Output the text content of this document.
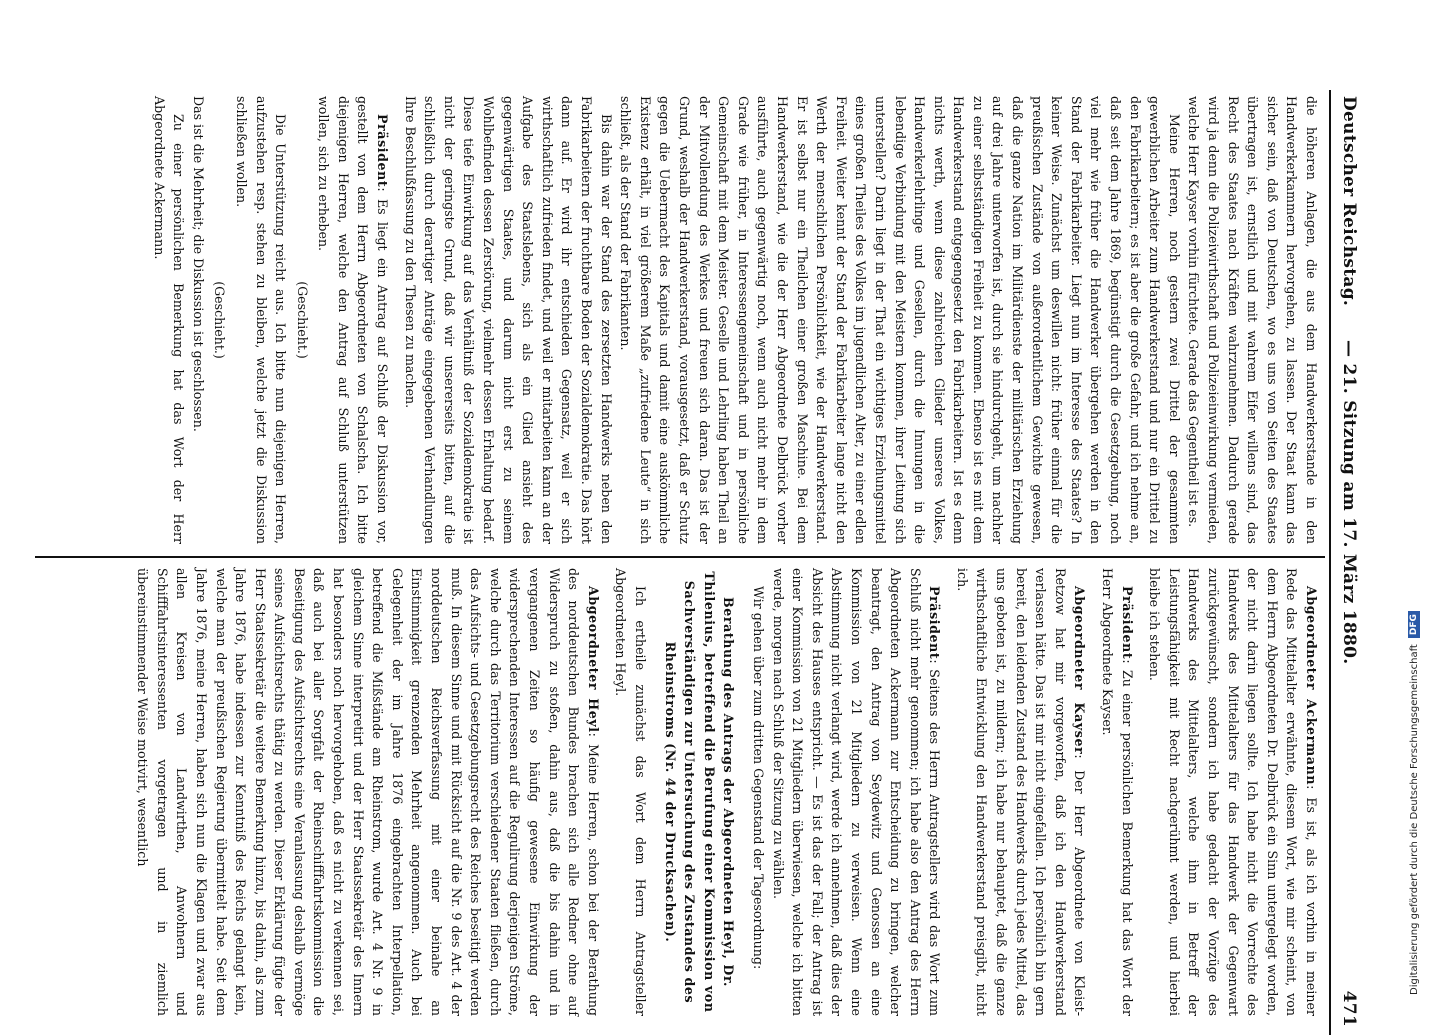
Deutscher Reichstag.
— 21. Sitzung am 17. März 1880.
471

die höheren Anlagen, die aus dem Handwerkerstande in den Handwerkerkammern hervorgehen, zu lassen. Der Staat kann das sicher sein, daß von Deutschen, wo es uns von Seiten des Staates übertragen ist, ernstlich und mit wahrem Eifer willens sind, das Recht des Staates nach Kräften wahrzunehmen. Dadurch gerade wird ja denn die Polizeiwirthschaft und Polizeieinwirkung vermieden, welche Herr Kayser vorhin fürchtete. Gerade das Gegentheil ist es.

Meine Herren, noch gestern zwei Drittel der gesammten gewerblichen Arbeiter zum Handwerkerstand und nur ein Drittel zu den Fabrikarbeitern; es ist aber die große Gefahr, und ich nehme an, daß seit dem Jahre 1869, begünstigt durch die Gesetzgebung, noch viel mehr wie früher die Handwerker übergehen werden in den Stand der Fabrikarbeiter. Liegt nun im Interesse des Staates? In keiner Weise. Zunächst um deswillen nicht: früher einmal für die preußischen Zustände von außerordentlichem Gewichte gewesen, daß die ganze Nation im Militärdienste der militärischen Erziehung auf drei Jahre unterworfen ist, durch sie hindurchgeht, um nachher zu einer selbstständigen Freiheit zu kommen. Ebenso ist es mit dem Handwerkerstand entgegengesetzt den Fabrikarbeitern. Ist es denn nichts werth, wenn diese zahlreichen Glieder unseres Volkes, Handwerkerlehrlinge und Gesellen, durch die Innungen in die lebendige Verbindung mit den Meistern kommen, ihrer Leitung sich unterstellen? Darin liegt in der That ein wichtiges Erziehungsmittel eines großen Theiles des Volkes im jugendlichen Alter, zu einer edlen Freiheit. Weiter kennt der Stand der Fabrikarbeiter lange nicht den Werth der menschlichen Persönlichkeit, wie der Handwerkerstand. Er ist selbst nur ein Theilchen einer großen Maschine. Bei dem Handwerkerstand, wie die der Herr Abgeordnete Delbrück vorher ausführte, auch gegenwärtig noch, wenn auch nicht mehr in dem Grade wie früher, in Interessengemeinschaft und in persönliche Gemeinschaft mit dem Meister. Geselle und Lehrling haben Theil an der Mitvollendung des Werkes und freuen sich daran. Das ist der Grund, weshalb der Handwerkerstand, vorausgesetzt, daß er Schutz gegen die Uebermacht des Kapitals und damit eine auskömmliche Existenz erhält, in viel größerem Maße „zufriedene Leute“ in sich schließt, als der Stand der Fabrikanten.

Bis dahin war der Stand des zersetzten Handwerks neben den Fabrikarbeitern der fruchtbare Boden der Sozialdemokratie. Das hört dann auf. Er wird ihr entschieden Gegensatz, weil er sich wirthschaftlich zufrieden findet, und weil er mitarbeiten kann an der Aufgabe des Staatslebens, sich als ein Glied ansieht des gegenwärtigen Staates, und darum nicht erst zu seinem Wohlbefinden dessen Zerstörung, vielmehr dessen Erhaltung bedarf. Diese tiefe Einwirkung auf das Verhältniß der Sozialdemokratie ist nicht der geringste Grund, daß wir unsererseits bitten, auf die schließlich durch derartiger Anträge eingegebenen Verhandlungen Ihre Beschlußfassung zu den Thesen zu machen.

Präsident: Es liegt ein Antrag auf Schluß der Diskussion vor, gestellt von dem Herrn Abgeordneten von Schalscha. Ich bitte diejenigen Herren, welche den Antrag auf Schluß unterstützen wollen, sich zu erheben.

(Geschieht.)

Die Unterstützung reicht aus. Ich bitte nun diejenigen Herren, aufzustehen resp. stehen zu bleiben, welche jetzt die Diskussion schließen wollen.

(Geschieht.)

Das ist die Mehrheit; die Diskussion ist geschlossen.

Zu einer persönlichen Bemerkung hat das Wort der Herr Abgeordnete Ackermann.

Abgeordneter Ackermann: Es ist, als ich vorhin in meiner Rede das Mittelalter erwähnte, diesem Wort, wie mir scheint, von dem Herrn Abgeordneten Dr. Delbrück ein Sinn untergelegt worden, der nicht darin liegen sollte. Ich habe nicht die Vorrechte des Handwerks des Mittelalters für das Handwerk der Gegenwart zurückgewünscht, sondern ich habe gedacht der Vorzüge des Handwerks des Mittelalters, welche ihm in Betreff der Leistungsfähigkeit mit Recht nachgerühmt werden, und hierbei bleibe ich stehen.

Präsident: Zu einer persönlichen Bemerkung hat das Wort der Herr Abgeordnete Kayser.

Abgeordneter Kayser: Der Herr Abgeordnete von Kleist-Retzow hat mir vorgeworfen, daß ich den Handwerkerstand verlassen hätte. Das ist mir nicht eingefallen. Ich persönlich bin gern bereit, den leidenden Zustand des Handwerks durch jedes Mittel, das uns geboten ist, zu mildern; ich habe nur behauptet, daß die ganze wirthschaftliche Entwicklung den Handwerkerstand preisgibt, nicht ich.

Präsident: Seitens des Herrn Antragstellers wird das Wort zum Schluß nicht mehr genommen; ich habe also den Antrag des Herrn Abgeordneten Ackermann zur Entscheidung zu bringen, welcher beantragt, den Antrag von Seydewitz und Genossen an eine Kommission von 21 Mitgliedern zu verweisen. Wenn eine Abstimmung nicht verlangt wird, werde ich annehmen, daß dies der Absicht des Hauses entspricht. — Es ist das der Fall; der Antrag ist einer Kommission von 21 Mitgliedern überwiesen, welche ich bitten werde, morgen nach Schluß der Sitzung zu wählen.

Wir gehen über zum dritten Gegenstand der Tagesordnung:

Berathung des Antrags der Abgeordneten Heyl, Dr. Thilenius, betreffend die Berufung einer Kommission von Sachverständigen zur Untersuchung des Zustandes des Rheinstroms (Nr. 44 der Drucksachen).

Ich ertheile zunächst das Wort dem Herrn Antragsteller Abgeordneten Heyl.

Abgeordneter Heyl: Meine Herren, schon bei der Berathung des norddeutschen Bundes brachen sich alle Redner ohne auf Widerspruch zu stoßen, dahin aus, daß die bis dahin und in vergangenen Zeiten so häufig gewesene Einwirkung der widersprechenden Interessen auf die Regulirung derjenigen Ströme, welche durch das Territorium verschiedener Staaten fließen, durch das Aufsichts- und Gesetzgebungsrecht des Reiches beseitigt werden muß. In diesem Sinne und mit Rücksicht auf die Nr. 9 des Art. 4 der norddeutschen Reichsverfassung mit einer beinahe an Einstimmigkeit grenzenden Mehrheit angenommen. Auch bei Gelegenheit der im Jahre 1876 eingebrachten Interpellation, betreffend die Mißstände am Rheinstrom, wurde Art. 4 Nr. 9 in gleichem Sinne interpretirt und der Herr Staatssekretär des Innern hat besonders noch hervorgehoben, daß es nicht zu verkennen sei, daß auch bei aller Sorgfalt der Rheinschifffahrtskommission die Beseitigung des Aufsichtsrechts eine Veranlassung deshalb vermöge seines Aufsichtsrechts thätig zu werden. Dieser Erklärung fügte der Herr Staatssekretär die weitere Bemerkung hinzu, bis dahin, als zum Jahre 1876, habe indessen zur Kenntniß des Reichs gelangt kein, welche man der preußischen Regierung übermittelt habe. Seit dem Jahre 1876, meine Herren, haben sich nun die Klagen und zwar aus allen Kreisen von Landwirthen, Anwohnern und Schifffahrtsinteressenten vorgetragen und in ziemlich übereinstimmender Weise motivirt, wesentlich	Digitalisierung gefördert durch die Deutsche Forschungsgemeinschaft
DFG
